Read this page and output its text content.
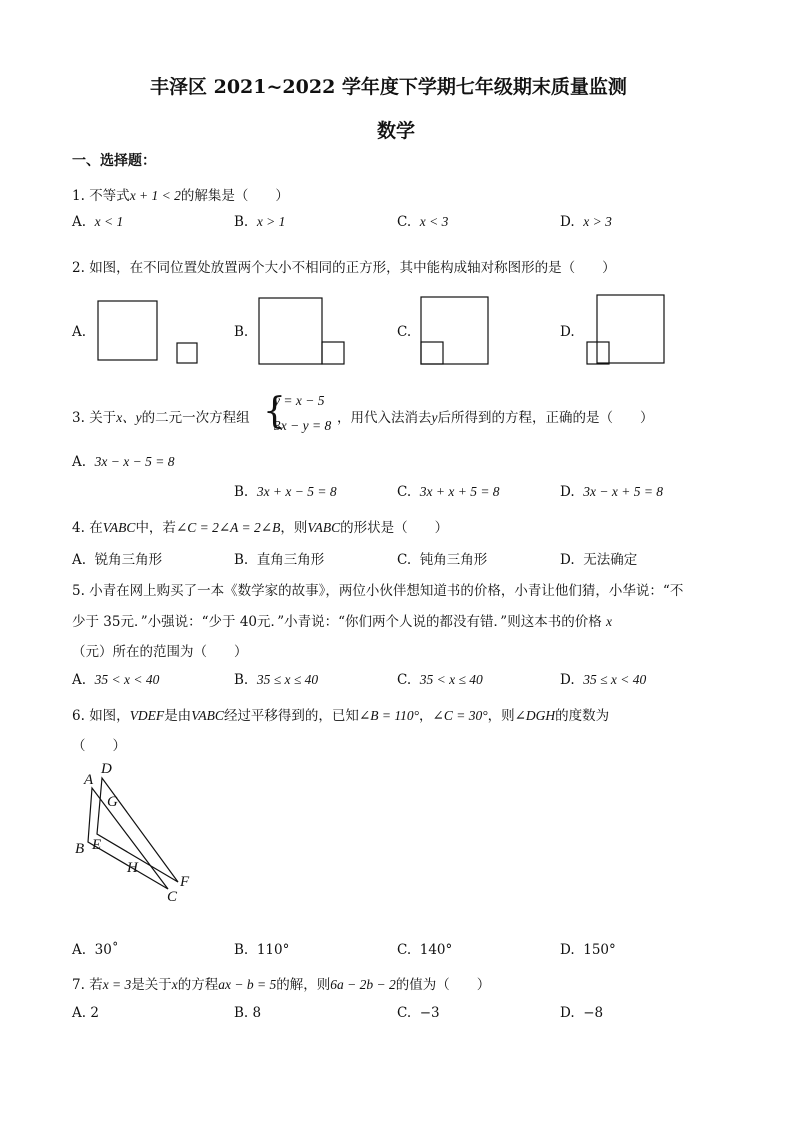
丰泽区 2021~2022 学年度下学期七年级期末质量监测
数学
一、选择题：
1. 不等式x + 1 < 2的解集是（　　）
A. x < 1	B. x > 1	C. x < 3	D. x > 3
2. 如图，在不同位置处放置两个大小不相同的正方形，其中能构成轴对称图形的是（　　）
A.	B.	C.	D.
3. 关于x、y的二元一次方程组 {
y = x − 5
3x − y = 8 ，用代入法消去y后所得到的方程，正确的是（　　）
A. 3x − x − 5 = 8
B. 3x + x − 5 = 8	C. 3x + x + 5 = 8	D. 3x − x + 5 = 8
4. 在VABC中，若∠C = 2∠A = 2∠B，则VABC的形状是（　　）
A. 锐角三角形	B. 直角三角形	C. 钝角三角形	D. 无法确定
5. 小青在网上购买了一本《数学家的故事》，两位小伙伴想知道书的价格，小青让他们猜，小华说：“不
少于 35元．”小强说：“少于 40元．”小青说：“你们两个人说的都没有错．”则这本书的价格 x
（元）所在的范围为（　　）
A. 35 < x < 40	B. 35 ≤ x ≤ 40	C. 35 < x ≤ 40	D. 35 ≤ x < 40
6. 如图，VDEF是由VABC经过平移得到的，已知∠B = 110°，∠C = 30°，则∠DGH的度数为
（　　）
A
D
G
B E
H
F
C
A. 30˚	B. 110°	C. 140°	D. 150°
7. 若x = 3是关于x的方程ax − b = 5的解，则6a − 2b − 2的值为（　　）
A. 2	B. 8	C. −3	D. −8
